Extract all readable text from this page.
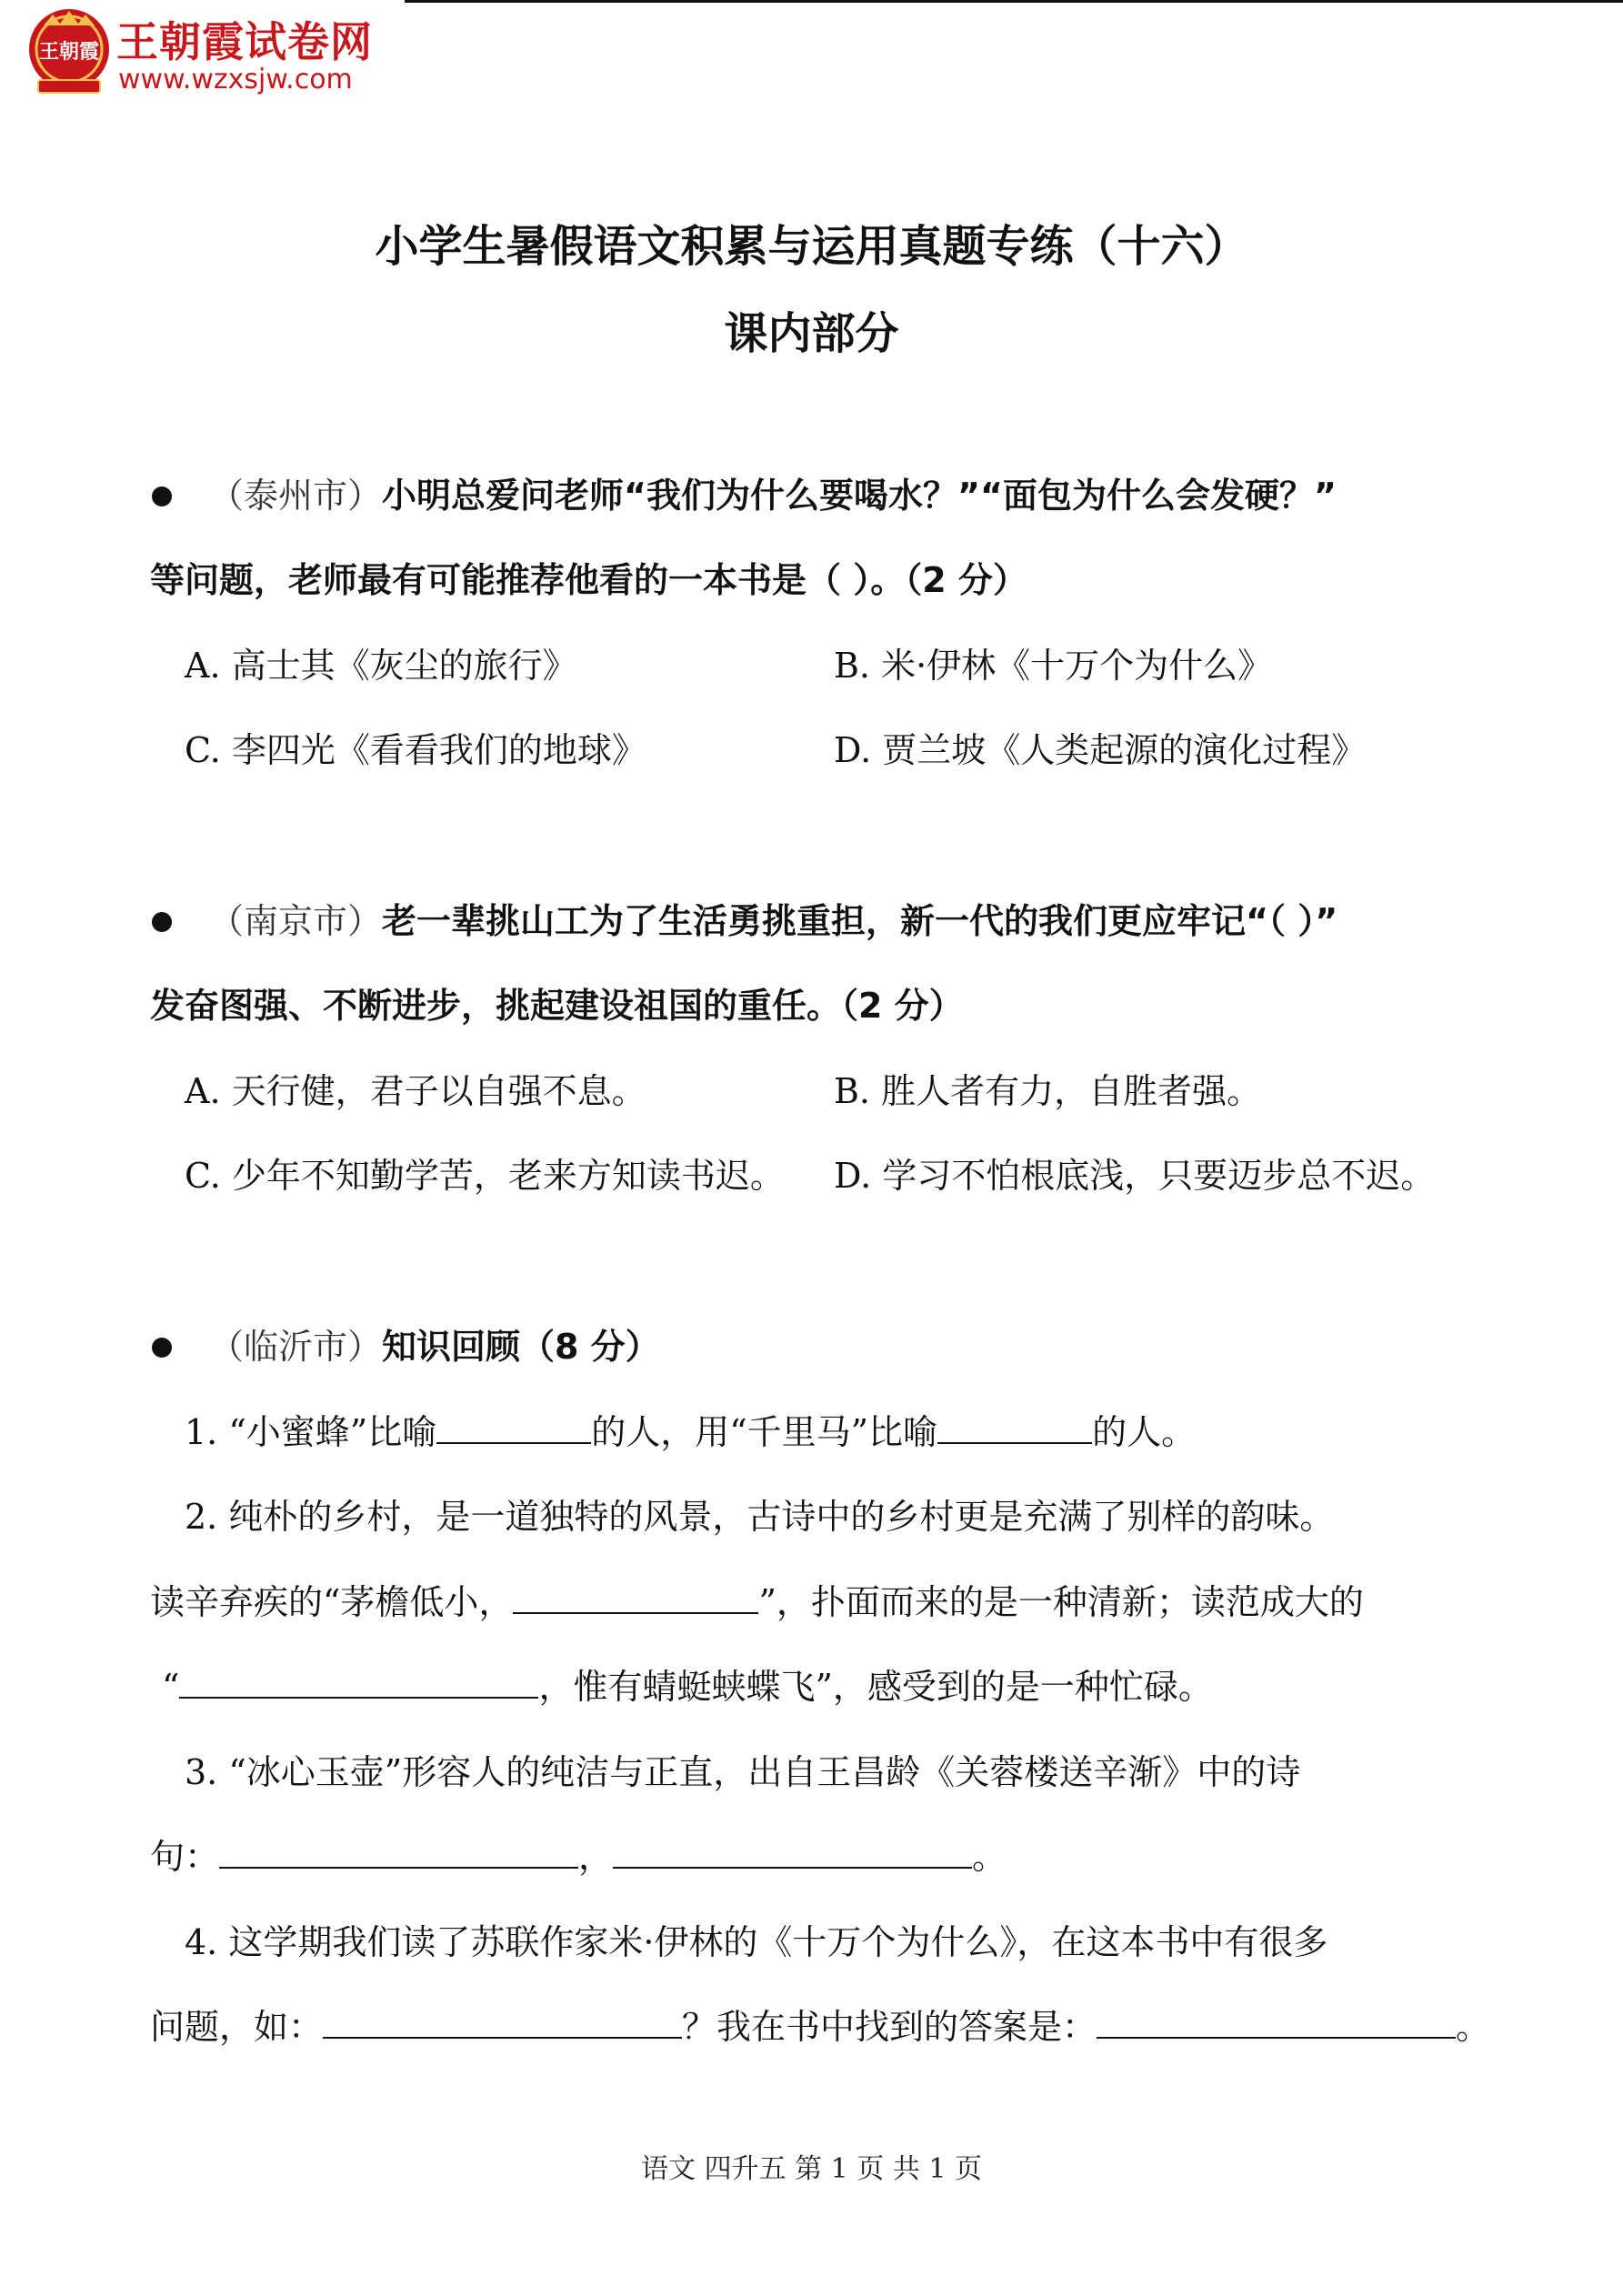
王朝霞 王朝霞试卷网
www.wzxsjw.com
小学生暑假语文积累与运用真题专练（十六）
课内部分
（泰州市）小明总爱问老师“我们为什么要喝水？”“面包为什么会发硬？”
等问题，老师最有可能推荐他看的一本书是（ ）。（2 分）
A. 高士其《灰尘的旅行》	B. 米·伊林《十万个为什么》
C. 李四光《看看我们的地球》	D. 贾兰坡《人类起源的演化过程》
（南京市）老一辈挑山工为了生活勇挑重担，新一代的我们更应牢记“（ ）”
发奋图强、不断进步，挑起建设祖国的重任。（2 分）
A. 天行健，君子以自强不息。	B. 胜人者有力，自胜者强。
C. 少年不知勤学苦，老来方知读书迟。 D. 学习不怕根底浅，只要迈步总不迟。
（临沂市）知识回顾（8 分）
1. “小蜜蜂”比喻	的人，用“千里马”比喻	的人。
2. 纯朴的乡村，是一道独特的风景，古诗中的乡村更是充满了别样的韵味。
读辛弃疾的“茅檐低小，	”，扑面而来的是一种清新；读范成大的
“	，惟有蜻蜓蛱蝶飞”，感受到的是一种忙碌。
3. “冰心玉壶”形容人的纯洁与正直，出自王昌龄《关蓉楼送辛渐》中的诗
句：	，	。
4. 这学期我们读了苏联作家米·伊林的《十万个为什么》，在这本书中有很多
问题，如：	？我在书中找到的答案是：	。
语文 四升五 第 1 页 共 1 页
